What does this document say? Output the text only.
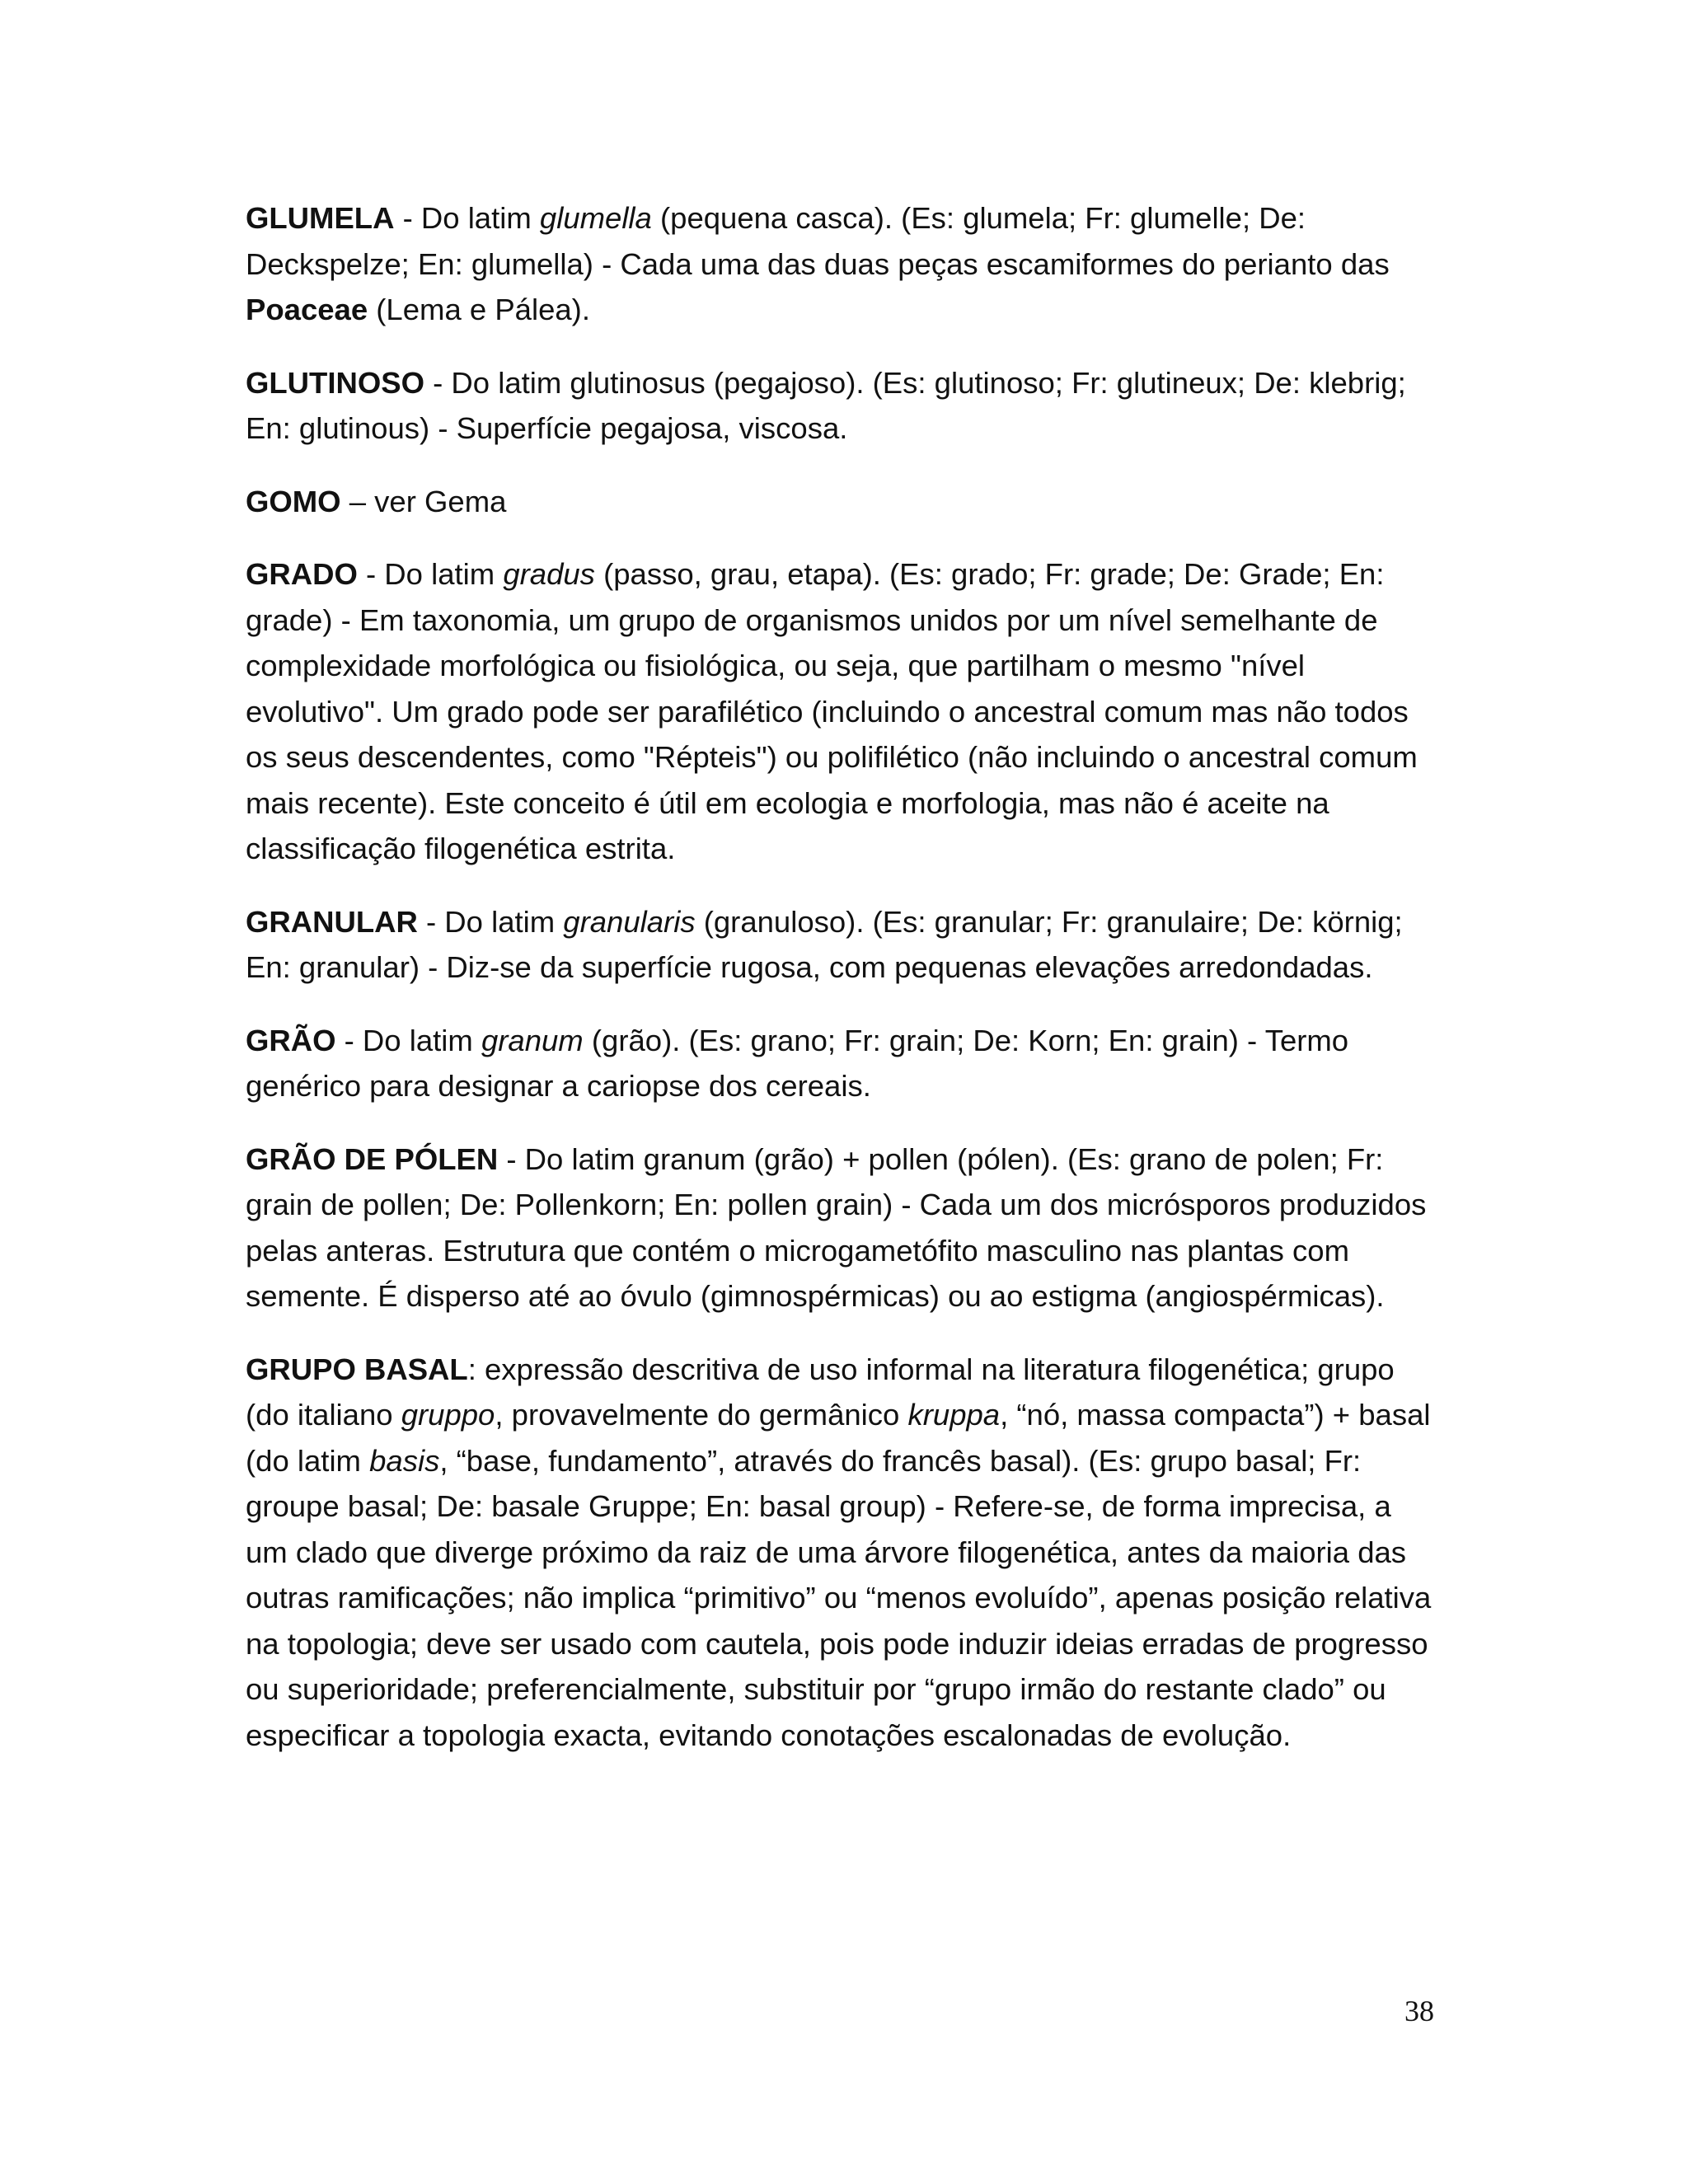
GLUMELA - Do latim glumella (pequena casca). (Es: glumela; Fr: glumelle; De: Deckspelze; En: glumella) - Cada uma das duas peças escamiformes do perianto das Poaceae (Lema e Pálea).

GLUTINOSO - Do latim glutinosus (pegajoso). (Es: glutinoso; Fr: glutineux; De: klebrig; En: glutinous) - Superfície pegajosa, viscosa.

GOMO – ver Gema

GRADO - Do latim gradus (passo, grau, etapa). (Es: grado; Fr: grade; De: Grade; En: grade) - Em taxonomia, um grupo de organismos unidos por um nível semelhante de complexidade morfológica ou fisiológica, ou seja, que partilham o mesmo "nível evolutivo". Um grado pode ser parafilético (incluindo o ancestral comum mas não todos os seus descendentes, como "Répteis") ou polifilético (não incluindo o ancestral comum mais recente). Este conceito é útil em ecologia e morfologia, mas não é aceite na classificação filogenética estrita.

GRANULAR - Do latim granularis (granuloso). (Es: granular; Fr: granulaire; De: körnig; En: granular) - Diz-se da superfície rugosa, com pequenas elevações arredondadas.

GRÃO - Do latim granum (grão). (Es: grano; Fr: grain; De: Korn; En: grain) - Termo genérico para designar a cariopse dos cereais.

GRÃO DE PÓLEN - Do latim granum (grão) + pollen (pólen). (Es: grano de polen; Fr: grain de pollen; De: Pollenkorn; En: pollen grain) - Cada um dos micrósporos produzidos pelas anteras. Estrutura que contém o microgametófito masculino nas plantas com semente. É disperso até ao óvulo (gimnospérmicas) ou ao estigma (angiospérmicas).

GRUPO BASAL: expressão descritiva de uso informal na literatura filogenética; grupo (do italiano gruppo, provavelmente do germânico kruppa, “nó, massa compacta”) + basal (do latim basis, “base, fundamento”, através do francês basal). (Es: grupo basal; Fr: groupe basal; De: basale Gruppe; En: basal group) - Refere-se, de forma imprecisa, a um clado que diverge próximo da raiz de uma árvore filogenética, antes da maioria das outras ramificações; não implica “primitivo” ou “menos evoluído”, apenas posição relativa na topologia; deve ser usado com cautela, pois pode induzir ideias erradas de progresso ou superioridade; preferencialmente, substituir por “grupo irmão do restante clado” ou especificar a topologia exacta, evitando conotações escalonadas de evolução.

38
